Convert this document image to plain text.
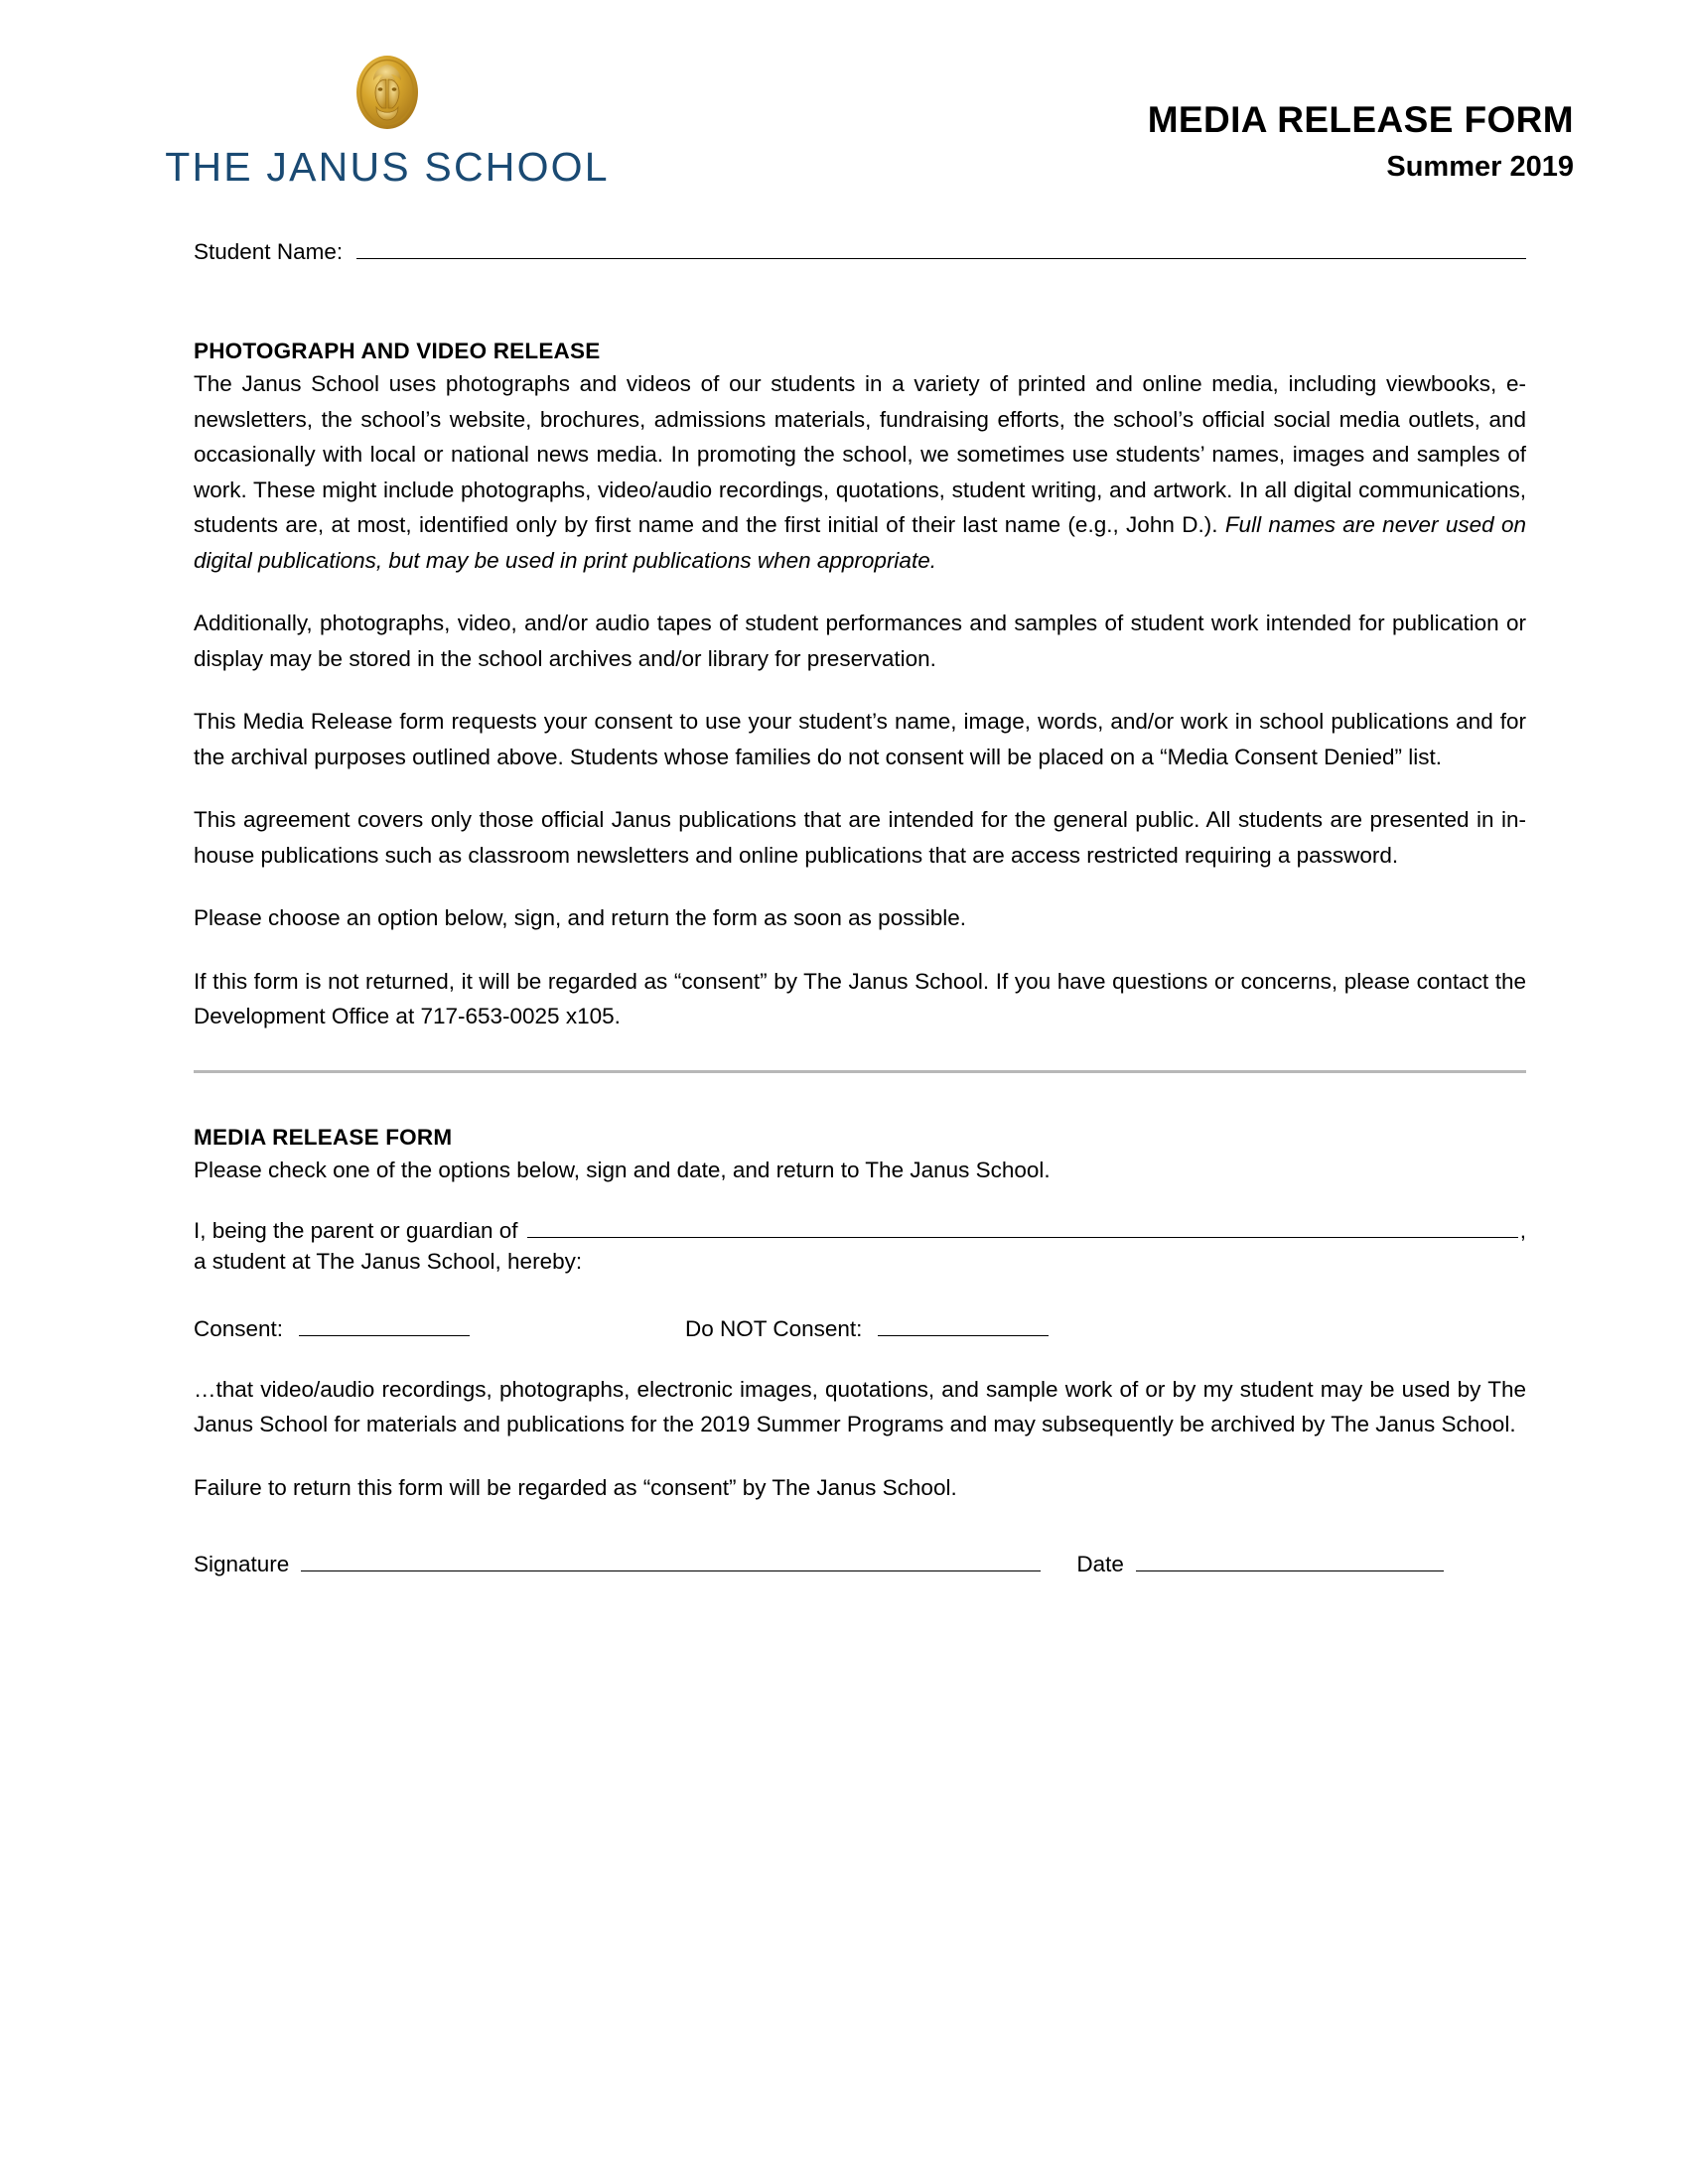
THE JANUS SCHOOL
MEDIA RELEASE FORM
Summer 2019
Student Name:
PHOTOGRAPH AND VIDEO RELEASE

The Janus School uses photographs and videos of our students in a variety of printed and online media, including viewbooks, e-newsletters, the school’s website, brochures, admissions materials, fundraising efforts, the school’s official social media outlets, and occasionally with local or national news media. In promoting the school, we sometimes use students’ names, images and samples of work. These might include photographs, video/audio recordings, quotations, student writing, and artwork. In all digital communications, students are, at most, identified only by first name and the first initial of their last name (e.g., John D.). Full names are never used on digital publications, but may be used in print publications when appropriate.

Additionally, photographs, video, and/or audio tapes of student performances and samples of student work intended for publication or display may be stored in the school archives and/or library for preservation.

This Media Release form requests your consent to use your student’s name, image, words, and/or work in school publications and for the archival purposes outlined above. Students whose families do not consent will be placed on a “Media Consent Denied” list.

This agreement covers only those official Janus publications that are intended for the general public. All students are presented in in-house publications such as classroom newsletters and online publications that are access restricted requiring a password.

Please choose an option below, sign, and return the form as soon as possible.

If this form is not returned, it will be regarded as “consent” by The Janus School. If you have questions or concerns, please contact the Development Office at 717-653-0025 x105.

MEDIA RELEASE FORM

Please check one of the options below, sign and date, and return to The Janus School.

I, being the parent or guardian of	,
a student at The Janus School, hereby:
Consent:	Do NOT Consent:

…that video/audio recordings, photographs, electronic images, quotations, and sample work of or by my student may be used by The Janus School for materials and publications for the 2019 Summer Programs and may subsequently be archived by The Janus School.

Failure to return this form will be regarded as “consent” by The Janus School.

Signature	Date
